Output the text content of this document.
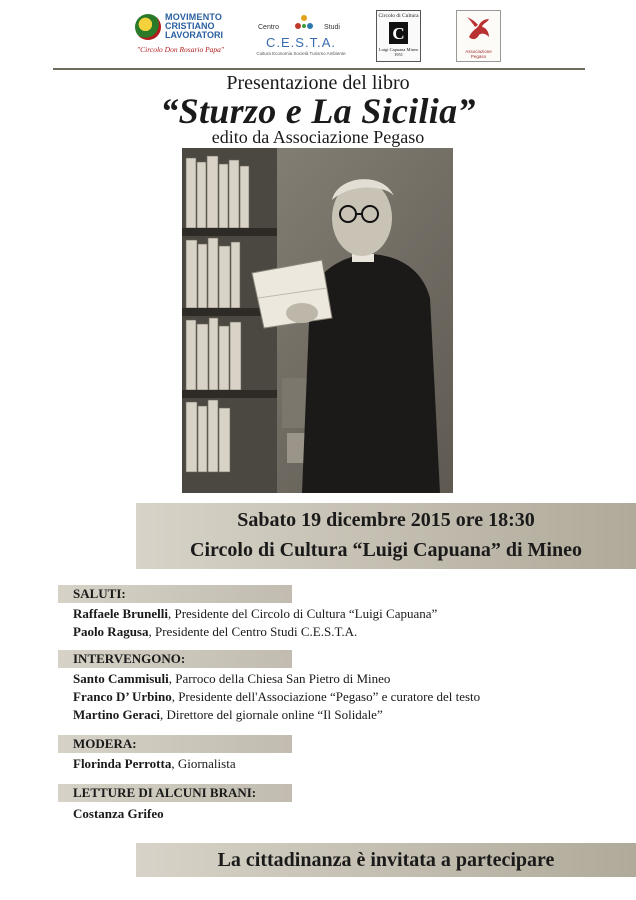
MOVIMENTO
CRISTIANO
LAVORATORI
"Circolo Don Rosario Papa"
Centro	Studi
C.E.S.T.A.
Cultura Economia Società Turismo Ambiente
Circolo di Cultura
C
Luigi Capuana Mineo 1951
Associazione Pegaso
Presentazione del libro
“Sturzo e La Sicilia”
edito da Associazione Pegaso
Sabato 19 dicembre 2015 ore 18:30
Circolo di Cultura “Luigi Capuana” di Mineo
SALUTI:
Raffaele Brunelli, Presidente del Circolo di Cultura “Luigi Capuana”
Paolo Ragusa, Presidente del Centro Studi C.E.S.T.A.
INTERVENGONO:
Santo Cammisuli, Parroco della Chiesa San Pietro di Mineo
Franco D’ Urbino, Presidente dell'Associazione “Pegaso” e curatore del testo
Martino Geraci, Direttore del giornale online “Il Solidale”
MODERA:
Florinda Perrotta, Giornalista
LETTURE DI ALCUNI BRANI:
Costanza Grifeo
La cittadinanza è invitata a partecipare
